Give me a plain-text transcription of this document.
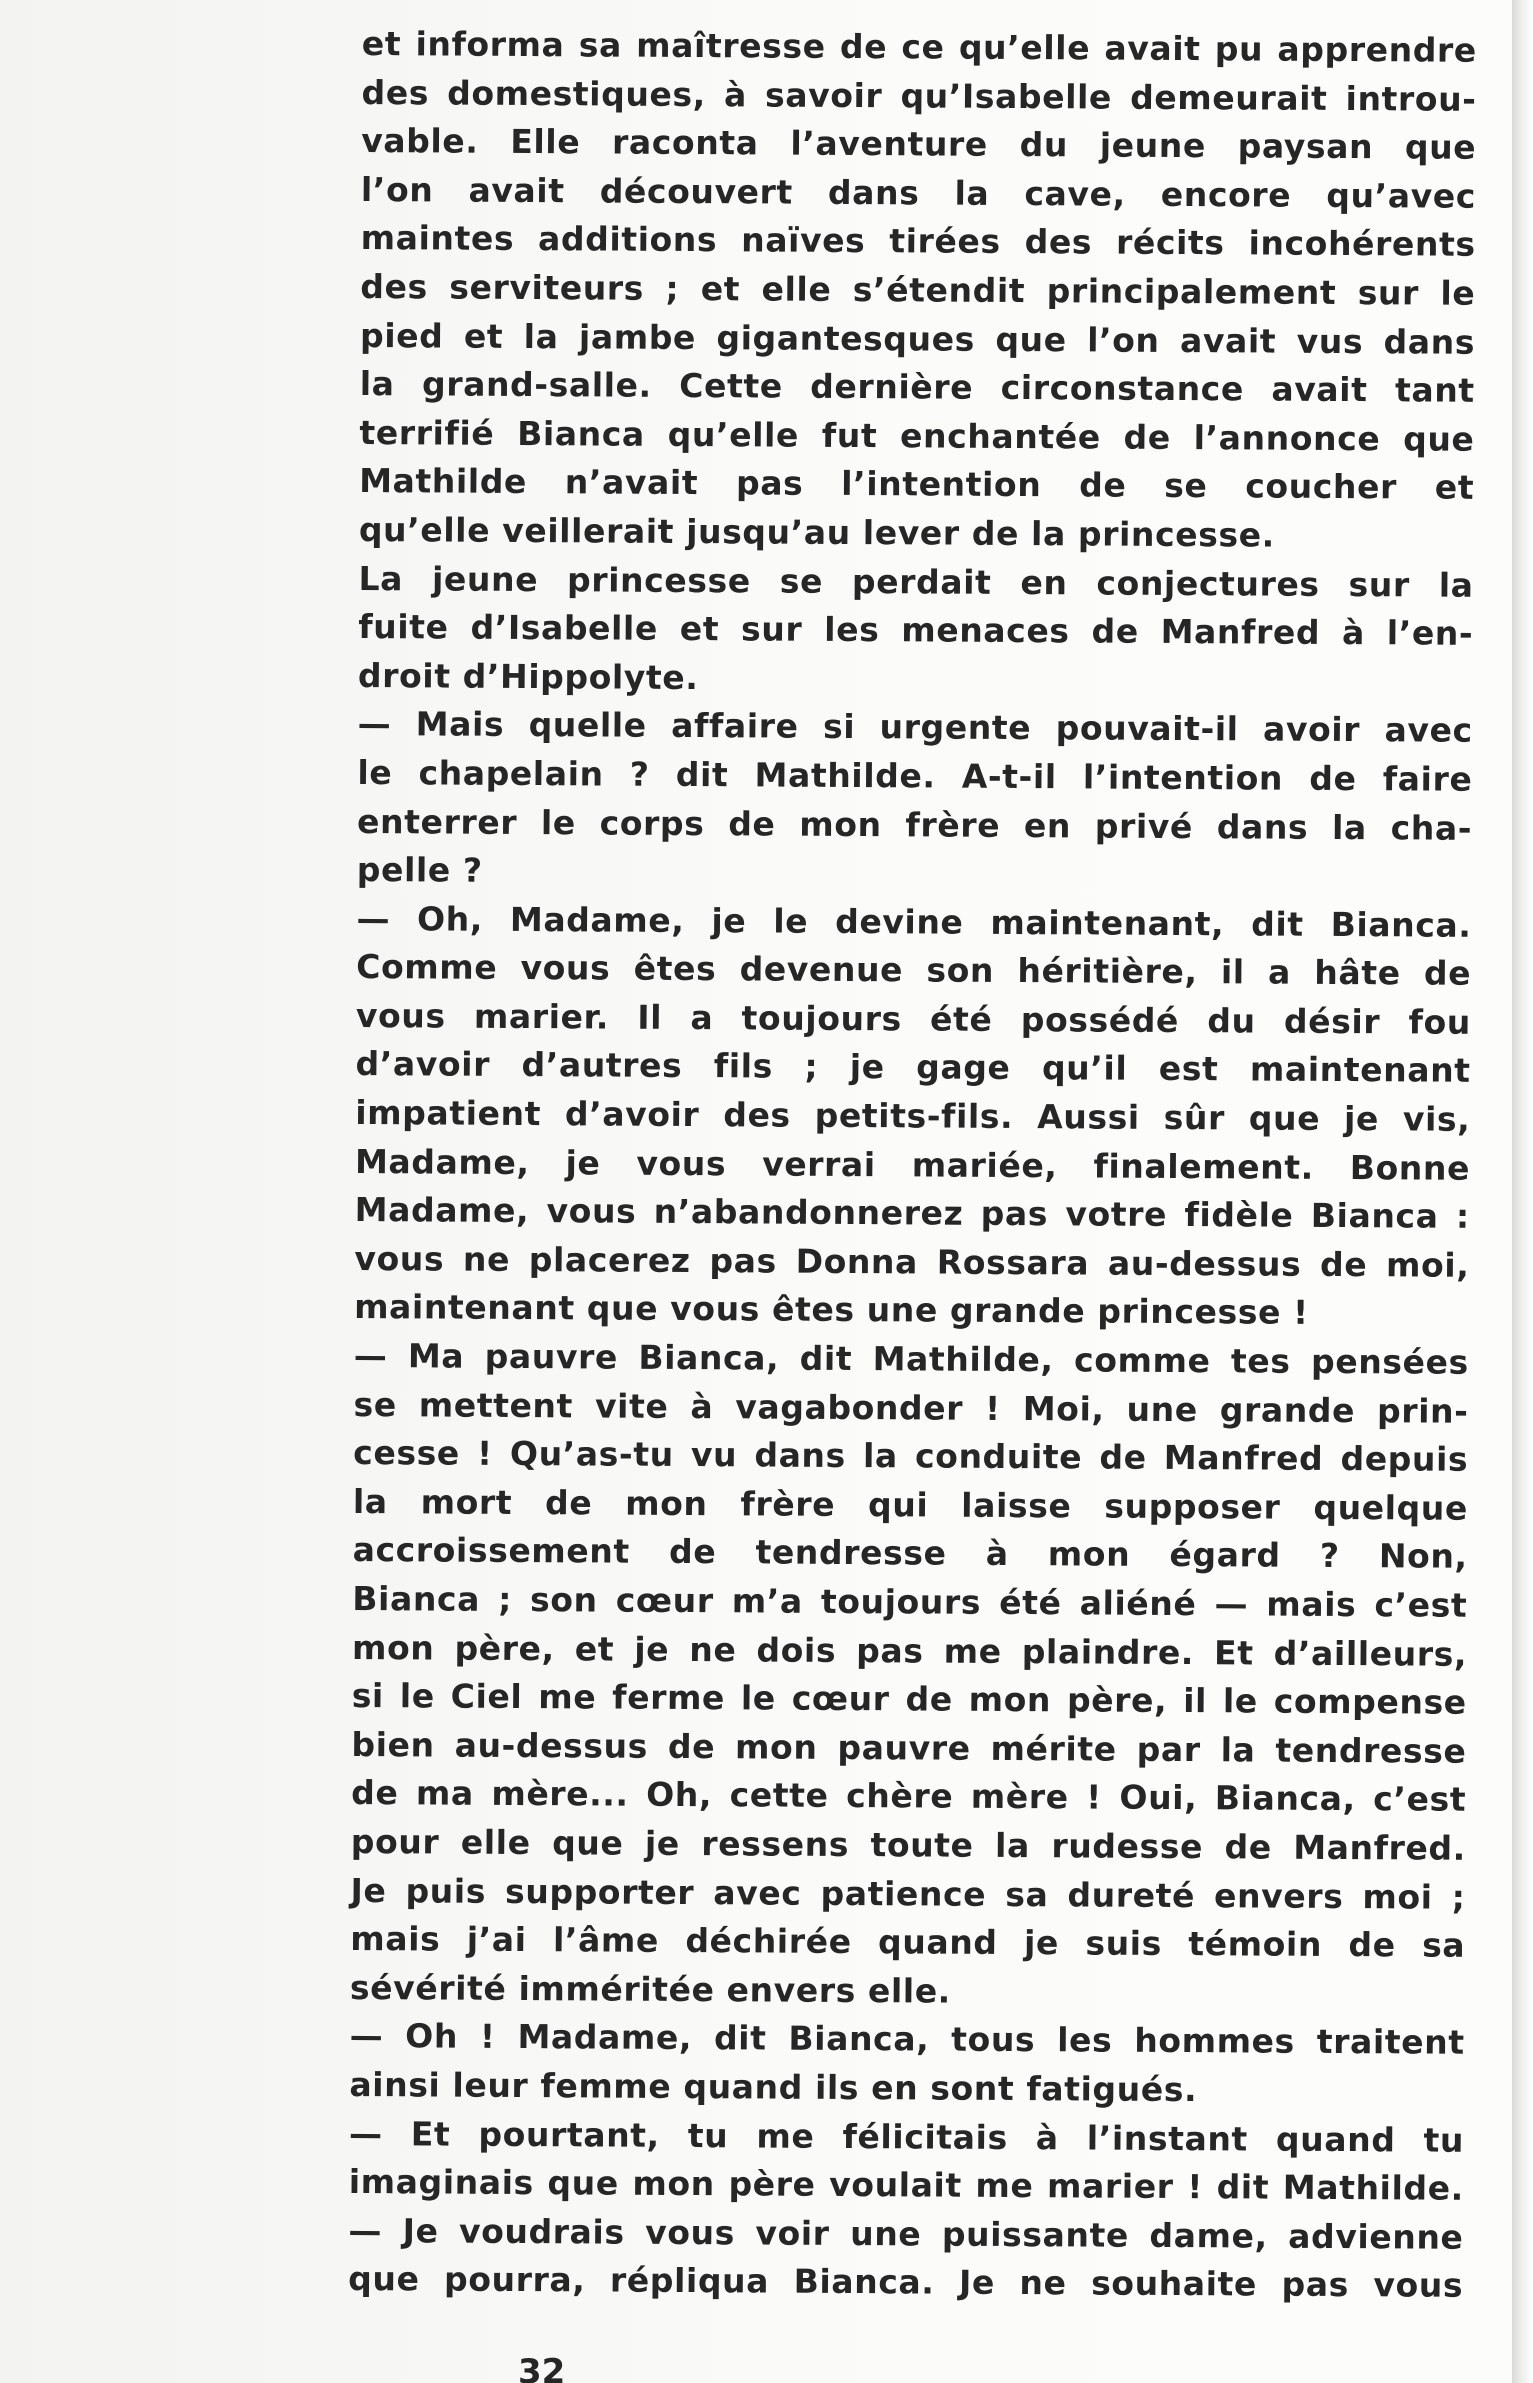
et informa sa maîtresse de ce qu’elle avait pu apprendre
des domestiques, à savoir qu’Isabelle demeurait introu-
vable. Elle raconta l’aventure du jeune paysan que
l’on avait découvert dans la cave, encore qu’avec
maintes additions naïves tirées des récits incohérents
des serviteurs ; et elle s’étendit principalement sur le
pied et la jambe gigantesques que l’on avait vus dans
la grand-salle. Cette dernière circonstance avait tant
terrifié Bianca qu’elle fut enchantée de l’annonce que
Mathilde n’avait pas l’intention de se coucher et
qu’elle veillerait jusqu’au lever de la princesse.
La jeune princesse se perdait en conjectures sur la
fuite d’Isabelle et sur les menaces de Manfred à l’en-
droit d’Hippolyte.
— Mais quelle affaire si urgente pouvait-il avoir avec
le chapelain ? dit Mathilde. A-t-il l’intention de faire
enterrer le corps de mon frère en privé dans la cha-
pelle ?
— Oh, Madame, je le devine maintenant, dit Bianca.
Comme vous êtes devenue son héritière, il a hâte de
vous marier. Il a toujours été possédé du désir fou
d’avoir d’autres fils ; je gage qu’il est maintenant
impatient d’avoir des petits-fils. Aussi sûr que je vis,
Madame, je vous verrai mariée, finalement. Bonne
Madame, vous n’abandonnerez pas votre fidèle Bianca :
vous ne placerez pas Donna Rossara au-dessus de moi,
maintenant que vous êtes une grande princesse !
— Ma pauvre Bianca, dit Mathilde, comme tes pensées
se mettent vite à vagabonder ! Moi, une grande prin-
cesse ! Qu’as-tu vu dans la conduite de Manfred depuis
la mort de mon frère qui laisse supposer quelque
accroissement de tendresse à mon égard ? Non,
Bianca ; son cœur m’a toujours été aliéné — mais c’est
mon père, et je ne dois pas me plaindre. Et d’ailleurs,
si le Ciel me ferme le cœur de mon père, il le compense
bien au-dessus de mon pauvre mérite par la tendresse
de ma mère... Oh, cette chère mère ! Oui, Bianca, c’est
pour elle que je ressens toute la rudesse de Manfred.
Je puis supporter avec patience sa dureté envers moi ;
mais j’ai l’âme déchirée quand je suis témoin de sa
sévérité imméritée envers elle.
— Oh ! Madame, dit Bianca, tous les hommes traitent
ainsi leur femme quand ils en sont fatigués.
— Et pourtant, tu me félicitais à l’instant quand tu
imaginais que mon père voulait me marier ! dit Mathilde.
— Je voudrais vous voir une puissante dame, advienne
que pourra, répliqua Bianca. Je ne souhaite pas vous
32
